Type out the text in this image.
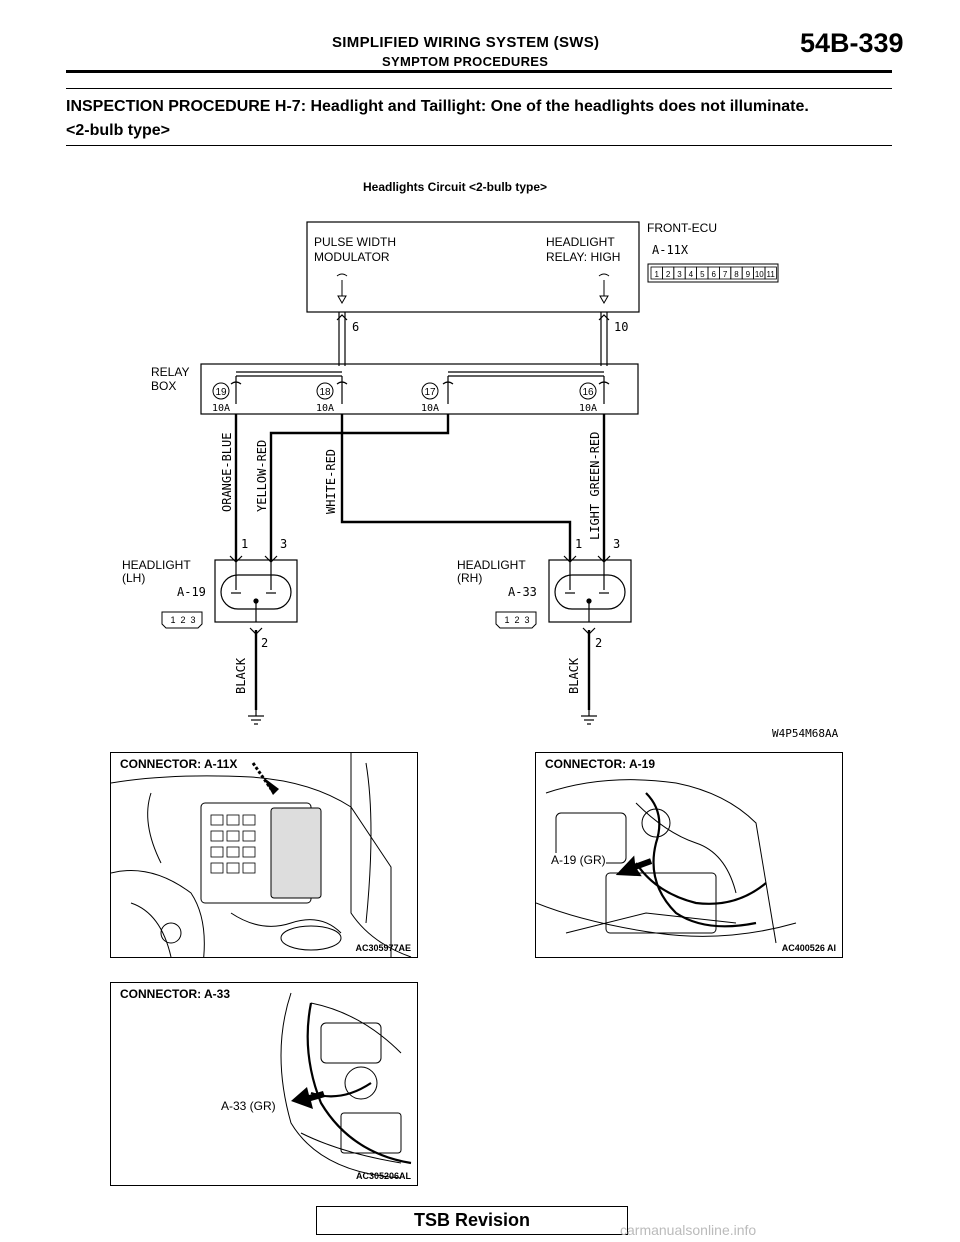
SIMPLIFIED WIRING SYSTEM (SWS)
SYMPTOM PROCEDURES
54B-339
INSPECTION PROCEDURE H-7: Headlight and Taillight: One of the headlights does not illuminate.
<2-bulb type>
Headlights Circuit <2-bulb type>
PULSE WIDTH
MODULATOR
HEADLIGHT
RELAY: HIGH
FRONT-ECU
A-11X
1 2 3 4 5 6 7 8 9 10 11
6	10
RELAY
BOX	19
10A
18
10A
17
10A
16
10A
ORANGE-BLUE YELLOW-RED	WHITE-RED	LIGHT GREEN-RED
1	3
HEADLIGHT
(LH)
A-19
1 2 3
2
BLACK
1	3
HEADLIGHT
(RH)
A-33
1 2 3
2
BLACK
W4P54M68AA
CONNECTOR: A-11X
AC305977AE
CONNECTOR: A-19
A-19 (GR)
AC400526 AI
CONNECTOR: A-33
A-33 (GR)
AC305206AL
TSB Revision	carmanualsonline.info
